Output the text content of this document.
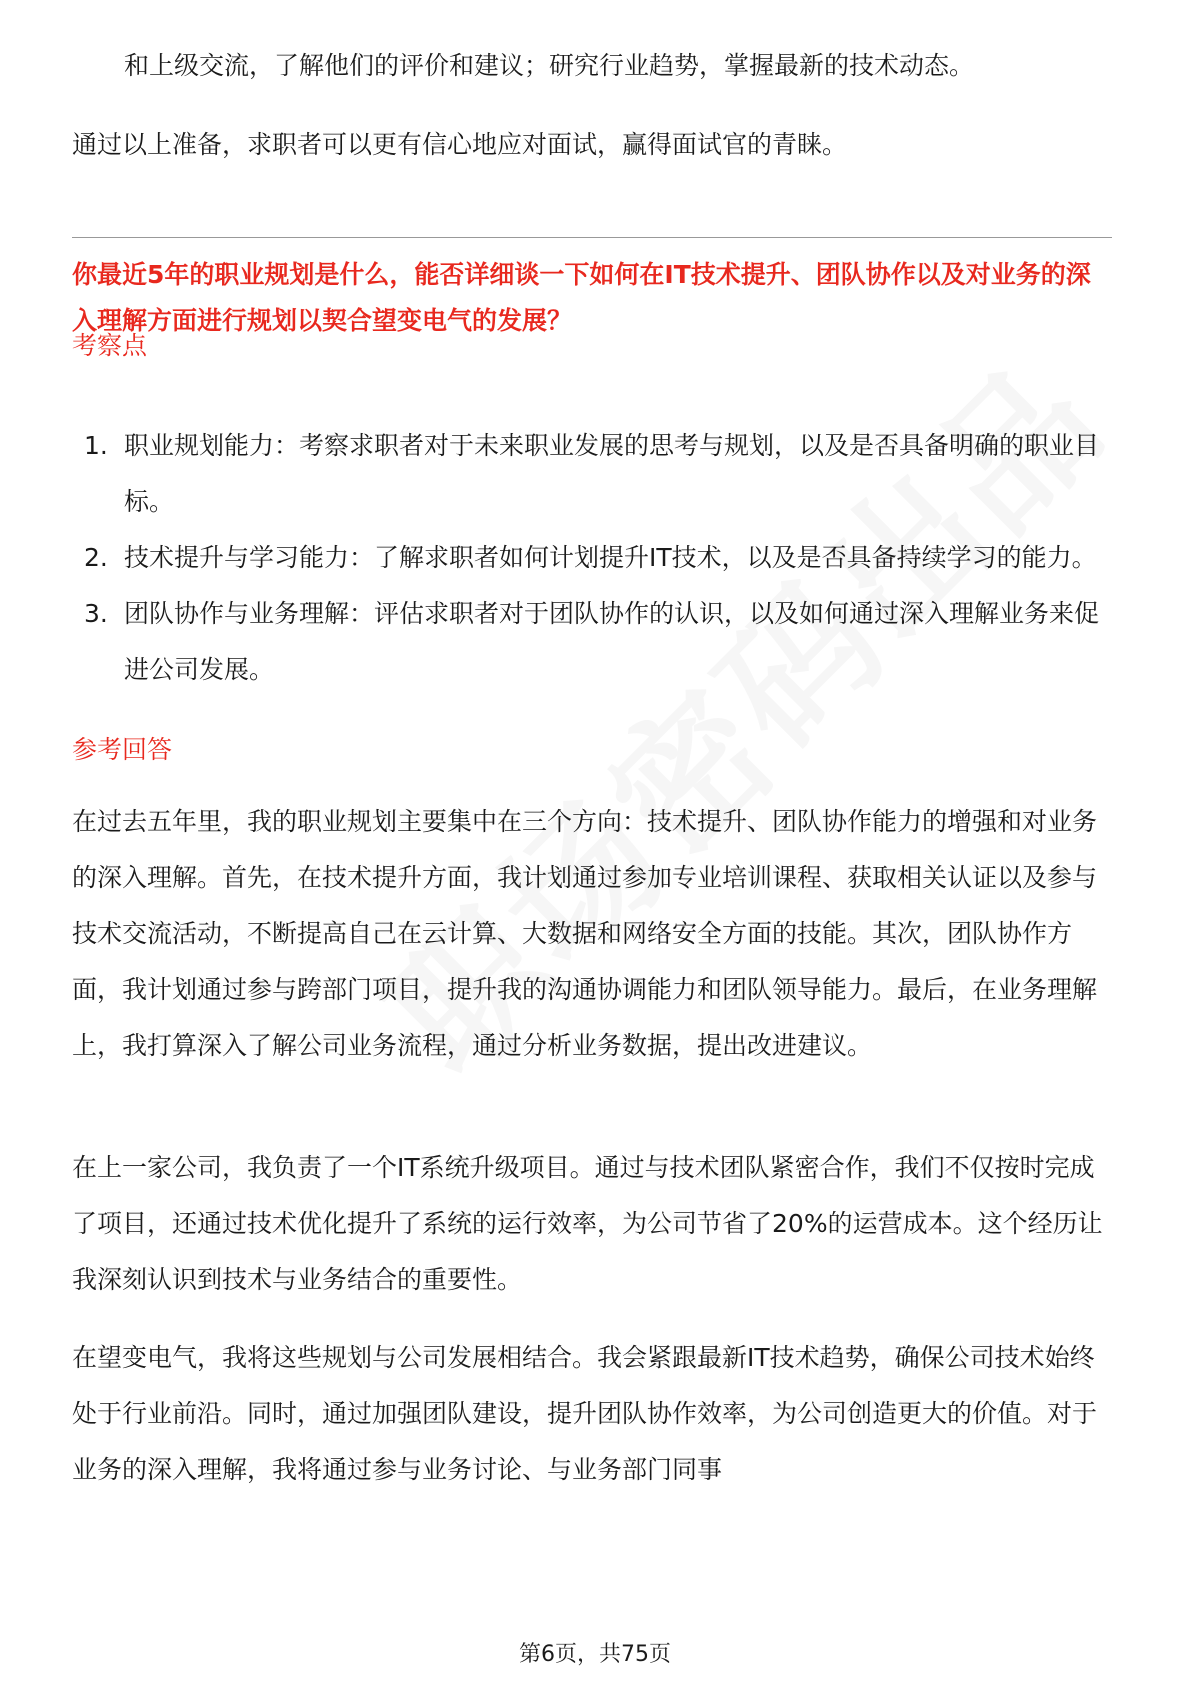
和上级交流，了解他们的评价和建议；研究行业趋势，掌握最新的技术动态。

通过以上准备，求职者可以更有信心地应对面试，赢得面试官的青睐。

你最近5年的职业规划是什么，能否详细谈一下如何在IT技术提升、团队协作以及对业务的深入理解方面进行规划以契合望变电气的发展？
考察点
1. 职业规划能力：考察求职者对于未来职业发展的思考与规划，以及是否具备明确的职业目标。
2. 技术提升与学习能力：了解求职者如何计划提升IT技术，以及是否具备持续学习的能力。
3. 团队协作与业务理解：评估求职者对于团队协作的认识，以及如何通过深入理解业务来促进公司发展。
参考回答

在过去五年里，我的职业规划主要集中在三个方向：技术提升、团队协作能力的增强和对业务的深入理解。首先，在技术提升方面，我计划通过参加专业培训课程、获取相关认证以及参与技术交流活动，不断提高自己在云计算、大数据和网络安全方面的技能。其次，团队协作方面，我计划通过参与跨部门项目，提升我的沟通协调能力和团队领导能力。最后，在业务理解上，我打算深入了解公司业务流程，通过分析业务数据，提出改进建议。

在上一家公司，我负责了一个IT系统升级项目。通过与技术团队紧密合作，我们不仅按时完成了项目，还通过技术优化提升了系统的运行效率，为公司节省了20%的运营成本。这个经历让我深刻认识到技术与业务结合的重要性。

在望变电气，我将这些规划与公司发展相结合。我会紧跟最新IT技术趋势，确保公司技术始终处于行业前沿。同时，通过加强团队建设，提升团队协作效率，为公司创造更大的价值。对于业务的深入理解，我将通过参与业务讨论、与业务部门同事

第6页，共75页
